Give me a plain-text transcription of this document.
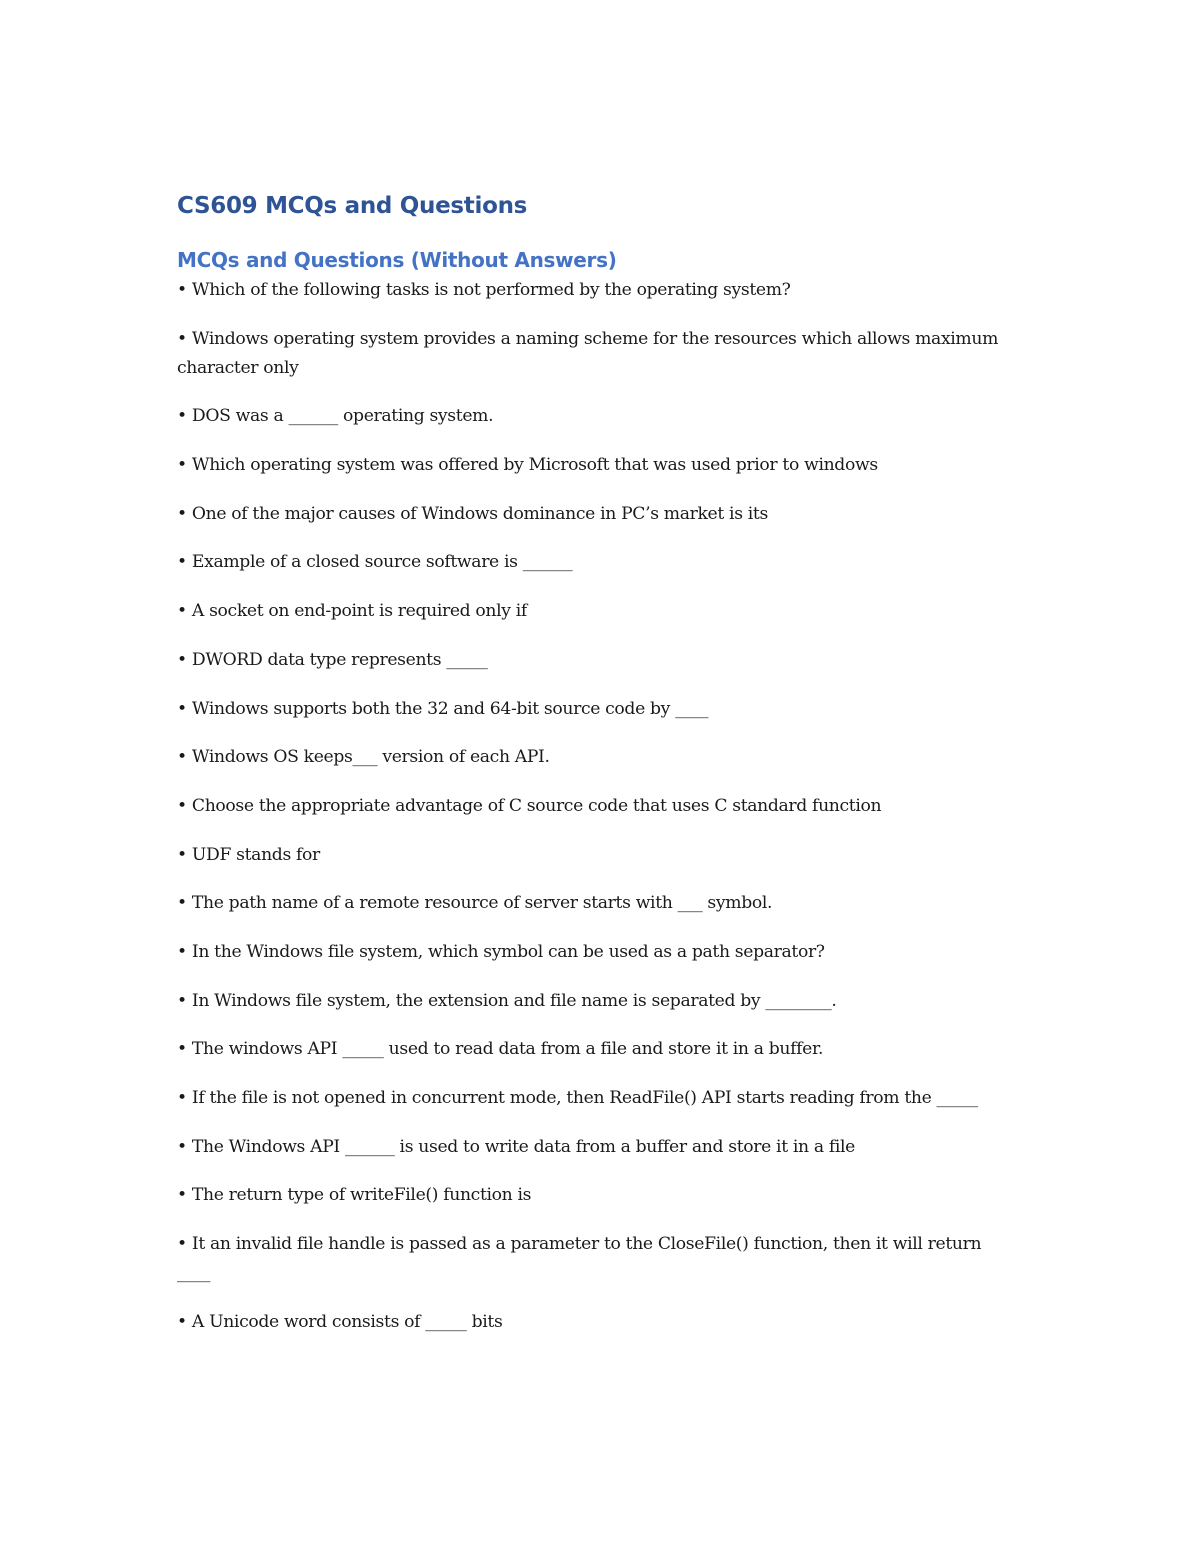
CS609 MCQs and Questions
MCQs and Questions (Without Answers)
• Which of the following tasks is not performed by the operating system?
• Windows operating system provides a naming scheme for the resources which allows maximum character only
• DOS was a ______ operating system.
• Which operating system was offered by Microsoft that was used prior to windows
• One of the major causes of Windows dominance in PC’s market is its
• Example of a closed source software is ______
• A socket on end-point is required only if
• DWORD data type represents _____
• Windows supports both the 32 and 64-bit source code by ____
• Windows OS keeps___ version of each API.
• Choose the appropriate advantage of C source code that uses C standard function
• UDF stands for
• The path name of a remote resource of server starts with ___ symbol.
• In the Windows file system, which symbol can be used as a path separator?
• In Windows file system, the extension and file name is separated by ________.
• The windows API _____ used to read data from a file and store it in a buffer.
• If the file is not opened in concurrent mode, then ReadFile() API starts reading from the _____
• The Windows API ______ is used to write data from a buffer and store it in a file
• The return type of writeFile() function is
• It an invalid file handle is passed as a parameter to the CloseFile() function, then it will return ____
• A Unicode word consists of _____ bits
